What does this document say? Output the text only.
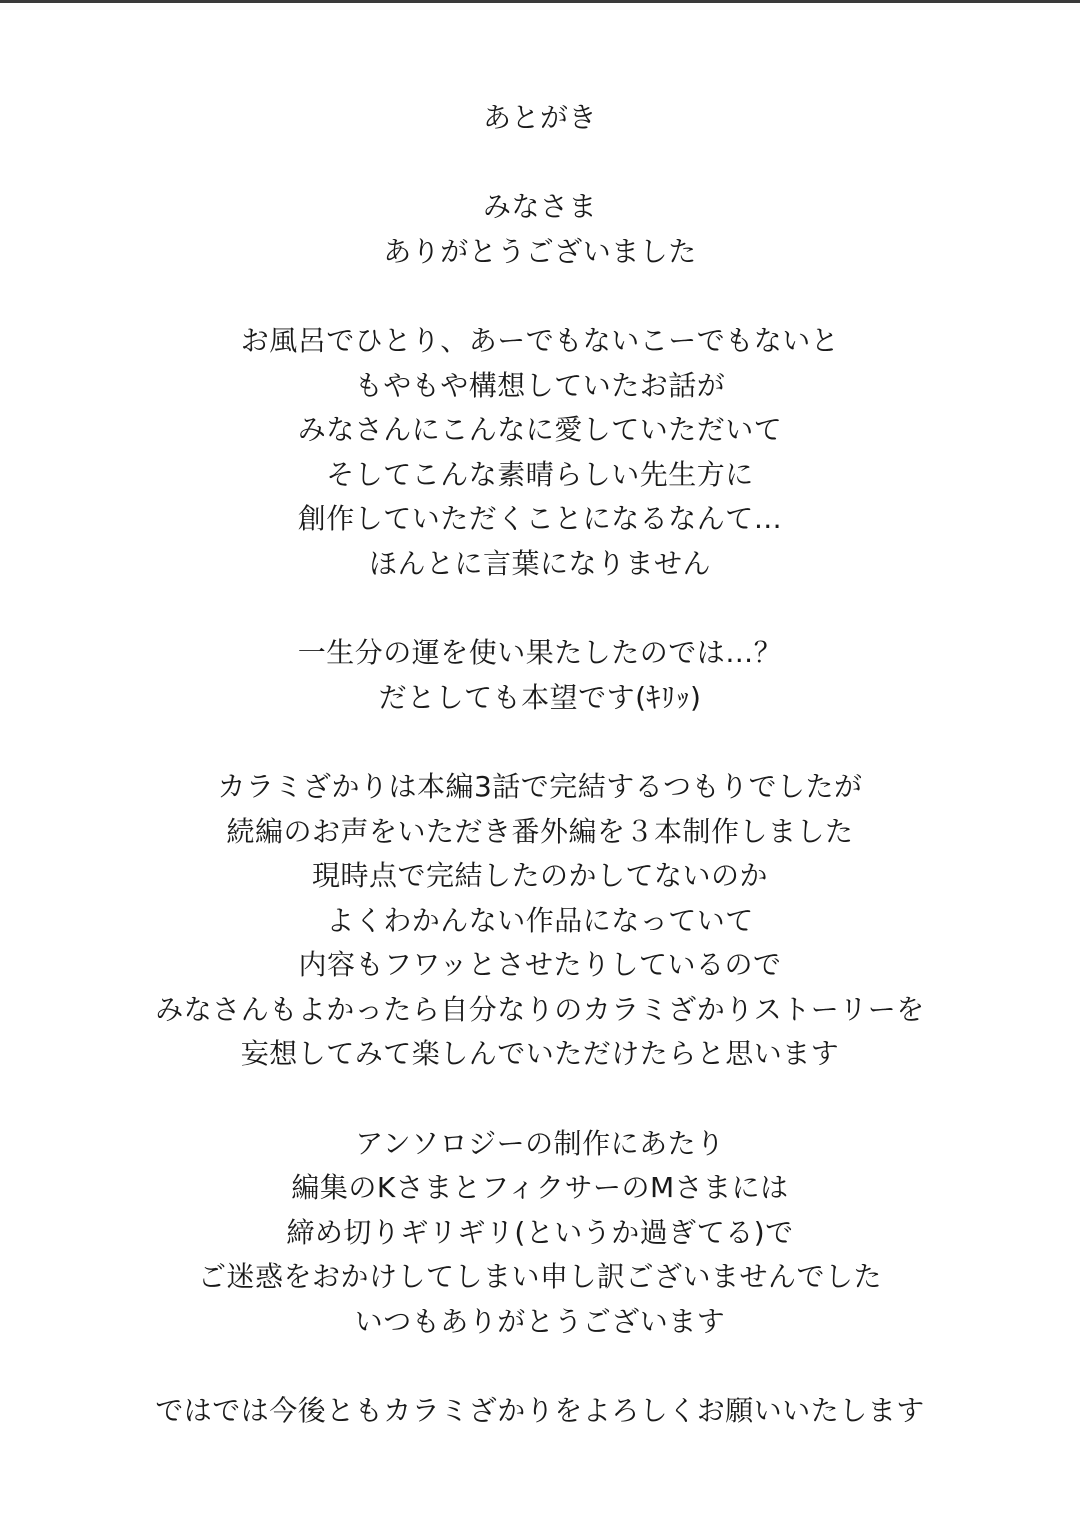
あとがき
みなさま
ありがとうございました
お風呂でひとり、あーでもないこーでもないと
もやもや構想していたお話が
みなさんにこんなに愛していただいて
そしてこんな素晴らしい先生方に
創作していただくことになるなんて…
ほんとに言葉になりません
一生分の運を使い果たしたのでは…？
だとしても本望です(ｷﾘｯ)
カラミざかりは本編3話で完結するつもりでしたが
続編のお声をいただき番外編を３本制作しました
現時点で完結したのかしてないのか
よくわかんない作品になっていて
内容もフワッとさせたりしているので
みなさんもよかったら自分なりのカラミざかりストーリーを
妄想してみて楽しんでいただけたらと思います
アンソロジーの制作にあたり
編集のKさまとフィクサーのMさまには
締め切りギリギリ(というか過ぎてる)で
ご迷惑をおかけしてしまい申し訳ございませんでした
いつもありがとうございます
ではでは今後ともカラミざかりをよろしくお願いいたします
